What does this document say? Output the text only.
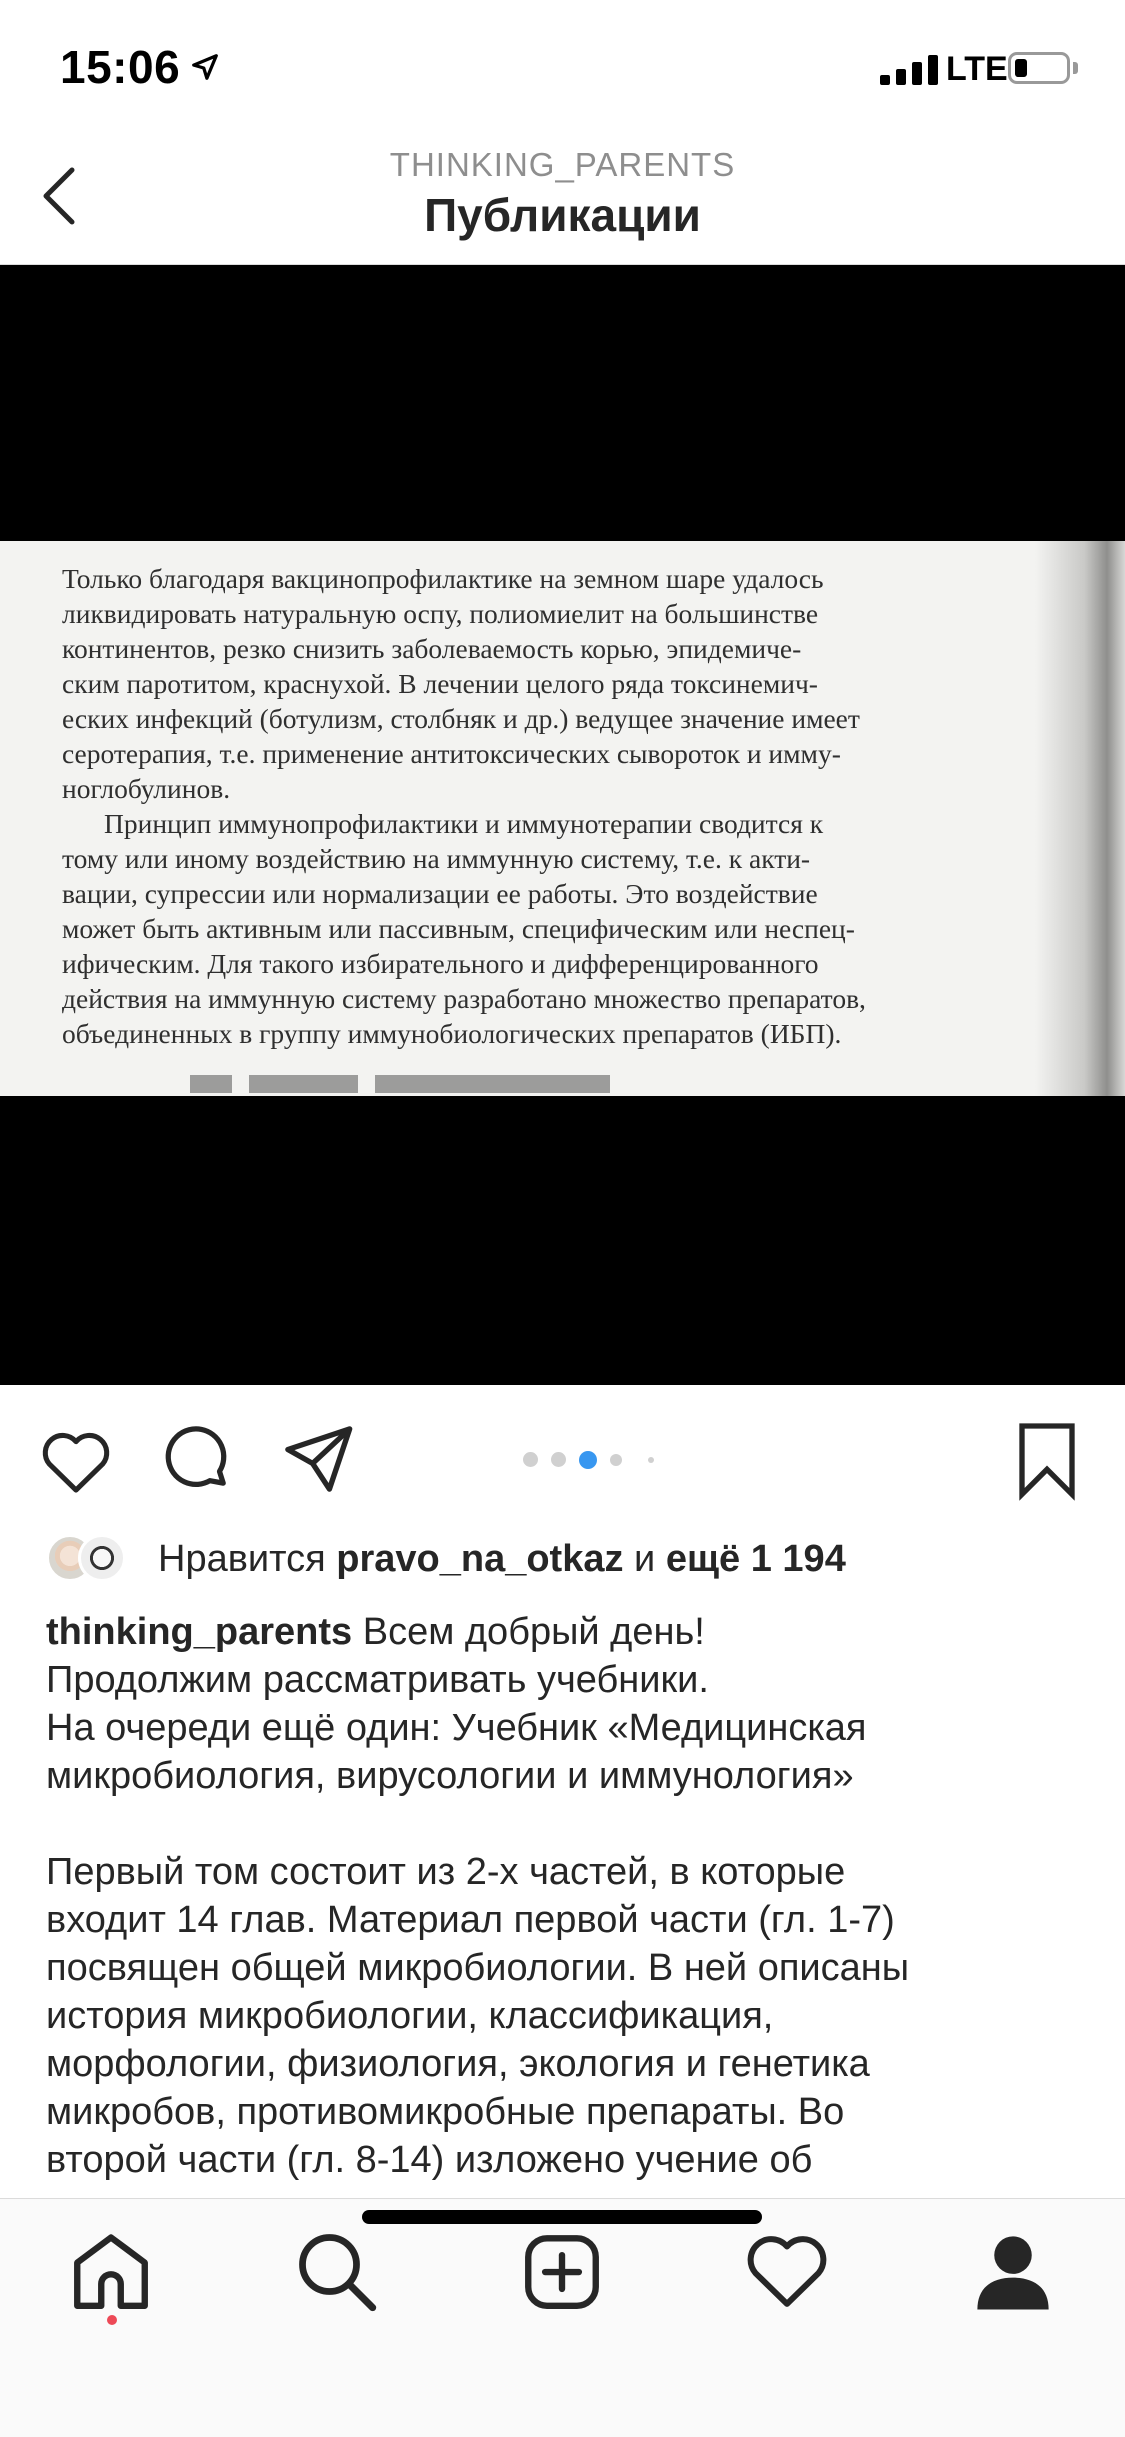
15:06	LTE
THINKING_PARENTS
Публикации
Только благодаря вакцинопрофилактике на земном шаре удалось
ликвидировать натуральную оспу, полиомиелит на большинстве
континентов, резко снизить заболеваемость корью, эпидемиче-
ским паротитом, краснухой. В лечении целого ряда токсинемич-
еских инфекций (ботулизм, столбняк и др.) ведущее значение имеет
серотерапия, т.е. применение антитоксических сывороток и имму-
ноглобулинов.
Принцип иммунопрофилактики и иммунотерапии сводится к
тому или иному воздействию на иммунную систему, т.е. к акти-
вации, супрессии или нормализации ее работы. Это воздействие
может быть активным или пассивным, специфическим или неспец-
ифическим. Для такого избирательного и дифференцированного
действия на иммунную систему разработано множество препаратов,
объединенных в группу иммунобиологических препаратов (ИБП).
Нравится pravo_na_otkaz и ещё 1 194

thinking_parents Всем добрый день!

Продолжим рассматривать учебники.

На очереди ещё один: Учебник «Медицинская

микробиология, вирусологии и иммунология»

Первый том состоит из 2-х частей, в которые

входит 14 глав. Материал первой части (гл. 1-7)

посвящен общей микробиологии. В ней описаны

история микробиологии, классификация,

морфологии, физиология, экология и генетика

микробов, противомикробные препараты. Во

второй части (гл. 8-14) изложено учение об
